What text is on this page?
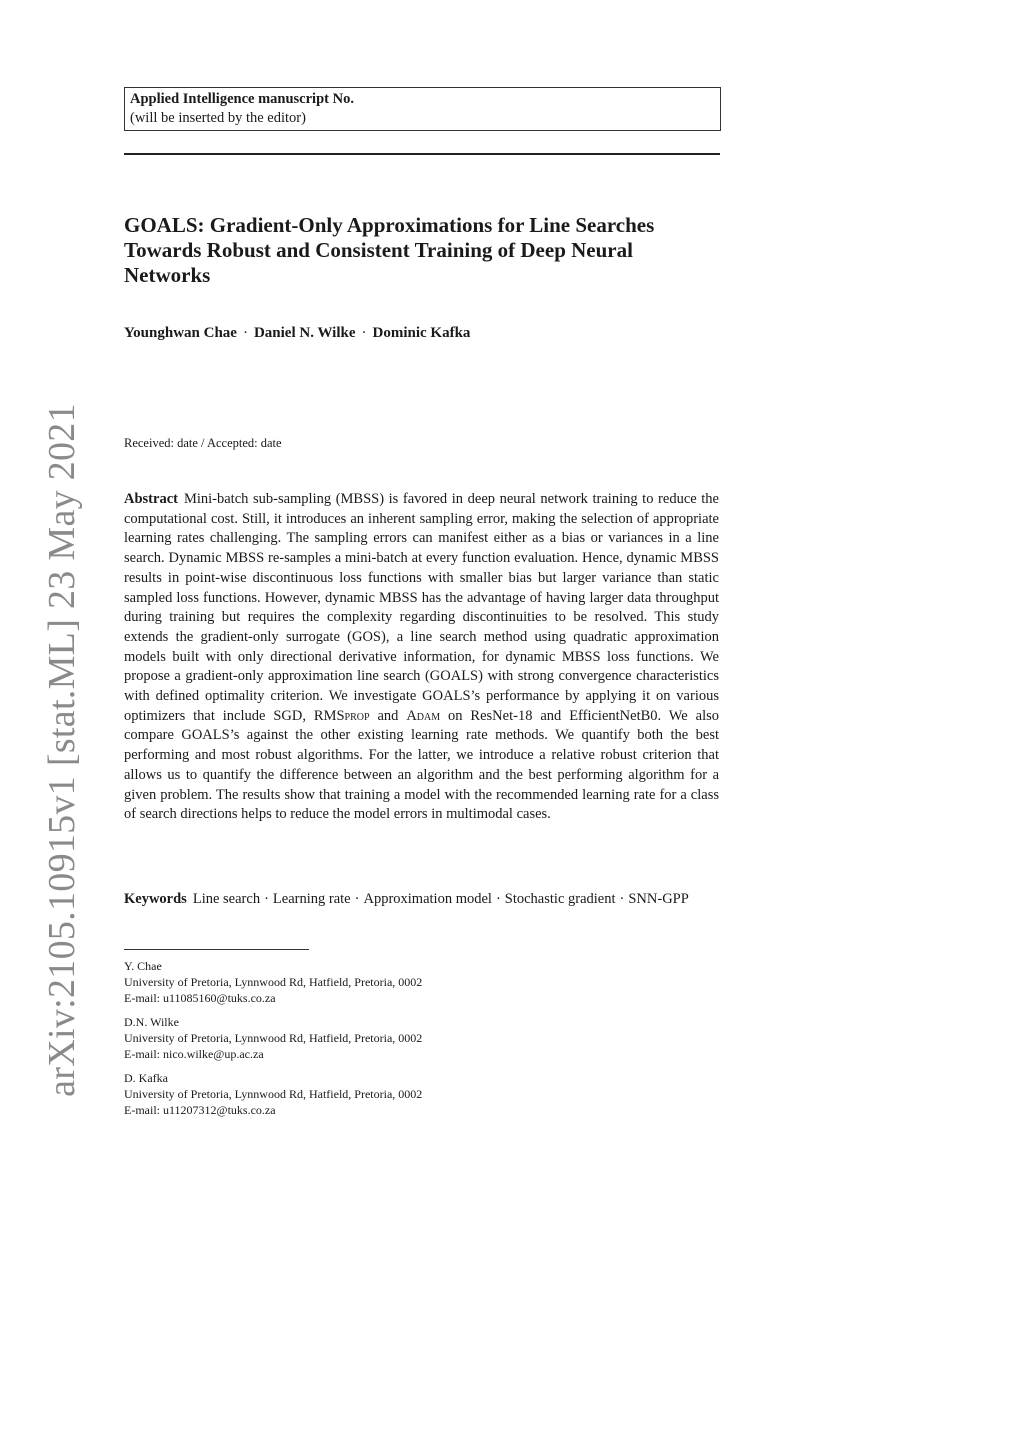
Applied Intelligence manuscript No.
(will be inserted by the editor)
GOALS: Gradient-Only Approximations for Line Searches Towards Robust and Consistent Training of Deep Neural Networks
Younghwan Chae · Daniel N. Wilke · Dominic Kafka
Received: date / Accepted: date

Abstract Mini-batch sub-sampling (MBSS) is favored in deep neural network training to reduce the computational cost. Still, it introduces an inherent sampling error, making the selection of appropriate learning rates challenging. The sampling errors can manifest either as a bias or variances in a line search. Dynamic MBSS re-samples a mini-batch at every function evaluation. Hence, dynamic MBSS results in point-wise discontinuous loss functions with smaller bias but larger variance than static sampled loss functions. However, dynamic MBSS has the advantage of having larger data throughput during training but requires the complexity regarding discontinuities to be resolved. This study extends the gradient-only surrogate (GOS), a line search method using quadratic approximation models built with only directional derivative information, for dynamic MBSS loss functions. We propose a gradient-only approximation line search (GOALS) with strong convergence characteristics with defined optimality criterion. We investigate GOALS’s performance by applying it on various optimizers that include SGD, RMSprop and Adam on ResNet-18 and EfficientNetB0. We also compare GOALS’s against the other existing learning rate methods. We quantify both the best performing and most robust algorithms. For the latter, we introduce a relative robust criterion that allows us to quantify the difference between an algorithm and the best performing algorithm for a given problem. The results show that training a model with the recommended learning rate for a class of search directions helps to reduce the model errors in multimodal cases.

Keywords Line search · Learning rate · Approximation model · Stochastic gradient · SNN-GPP

Y. Chae
University of Pretoria, Lynnwood Rd, Hatfield, Pretoria, 0002
E-mail: u11085160@tuks.co.za
D.N. Wilke
University of Pretoria, Lynnwood Rd, Hatfield, Pretoria, 0002
E-mail: nico.wilke@up.ac.za
D. Kafka
University of Pretoria, Lynnwood Rd, Hatfield, Pretoria, 0002
E-mail: u11207312@tuks.co.za
arXiv:2105.10915v1 [stat.ML] 23 May 2021
